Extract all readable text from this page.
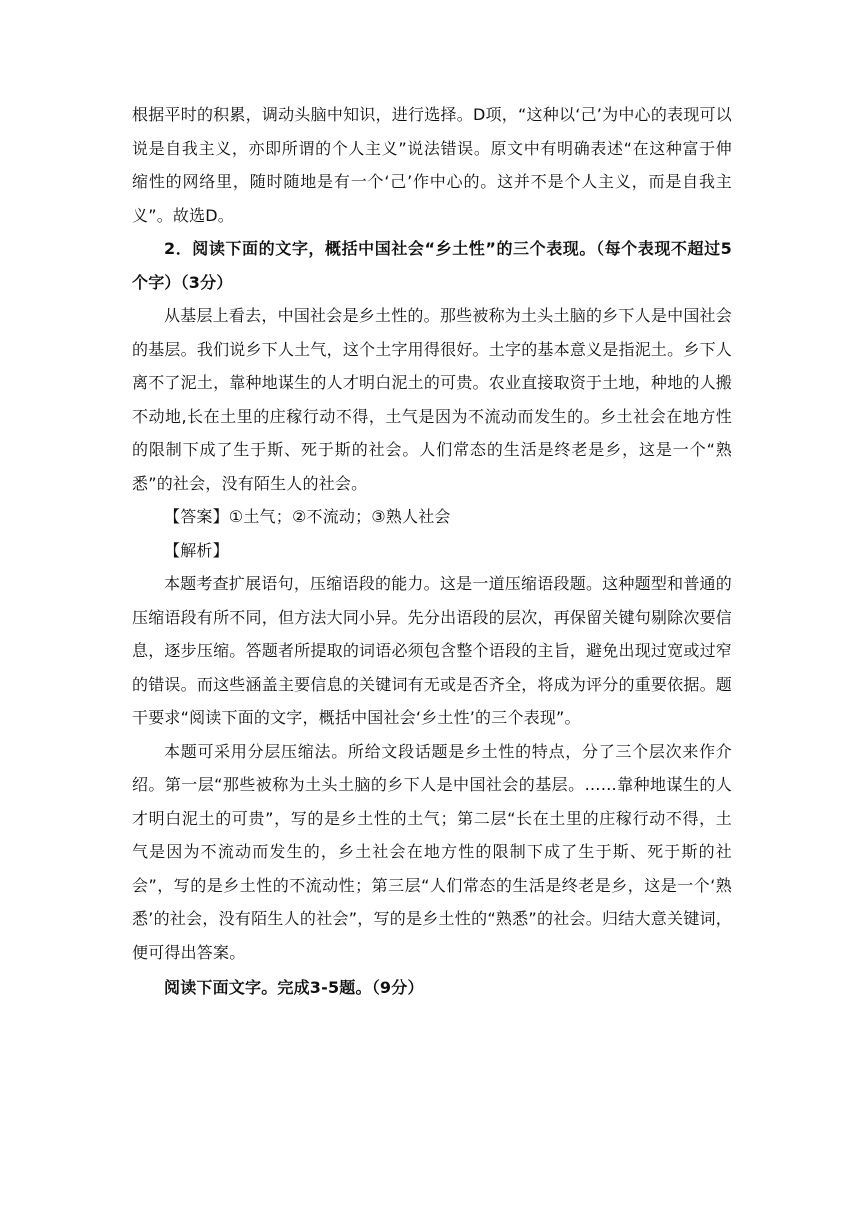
根据平时的积累，调动头脑中知识，进行选择。D项，“这种以‘己’为中心的表现可以说是自我主义，亦即所谓的个人主义”说法错误。原文中有明确表述“在这种富于伸缩性的网络里，随时随地是有一个‘己’作中心的。这并不是个人主义，而是自我主义”。故选D。

2．阅读下面的文字，概括中国社会“乡土性”的三个表现。（每个表现不超过5个字）（3分）

从基层上看去，中国社会是乡土性的。那些被称为土头土脑的乡下人是中国社会的基层。我们说乡下人土气，这个土字用得很好。土字的基本意义是指泥土。乡下人离不了泥土，靠种地谋生的人才明白泥土的可贵。农业直接取资于土地，种地的人搬不动地,长在土里的庄稼行动不得，土气是因为不流动而发生的。乡土社会在地方性的限制下成了生于斯、死于斯的社会。人们常态的生活是终老是乡，这是一个“熟悉”的社会，没有陌生人的社会。

【答案】①土气；②不流动；③熟人社会

【解析】

本题考查扩展语句，压缩语段的能力。这是一道压缩语段题。这种题型和普通的压缩语段有所不同，但方法大同小异。先分出语段的层次，再保留关键句剔除次要信息，逐步压缩。答题者所提取的词语必须包含整个语段的主旨，避免出现过宽或过窄的错误。而这些涵盖主要信息的关键词有无或是否齐全，将成为评分的重要依据。题干要求“阅读下面的文字，概括中国社会‘乡土性’的三个表现”。

本题可采用分层压缩法。所给文段话题是乡土性的特点，分了三个层次来作介绍。第一层“那些被称为土头土脑的乡下人是中国社会的基层。……靠种地谋生的人才明白泥土的可贵”，写的是乡土性的土气；第二层“长在土里的庄稼行动不得，土气是因为不流动而发生的，乡土社会在地方性的限制下成了生于斯、死于斯的社会”，写的是乡土性的不流动性；第三层“人们常态的生活是终老是乡，这是一个‘熟悉’的社会，没有陌生人的社会”，写的是乡土性的“熟悉”的社会。归结大意关键词，便可得出答案。

阅读下面文字。完成3-5题。（9分）
